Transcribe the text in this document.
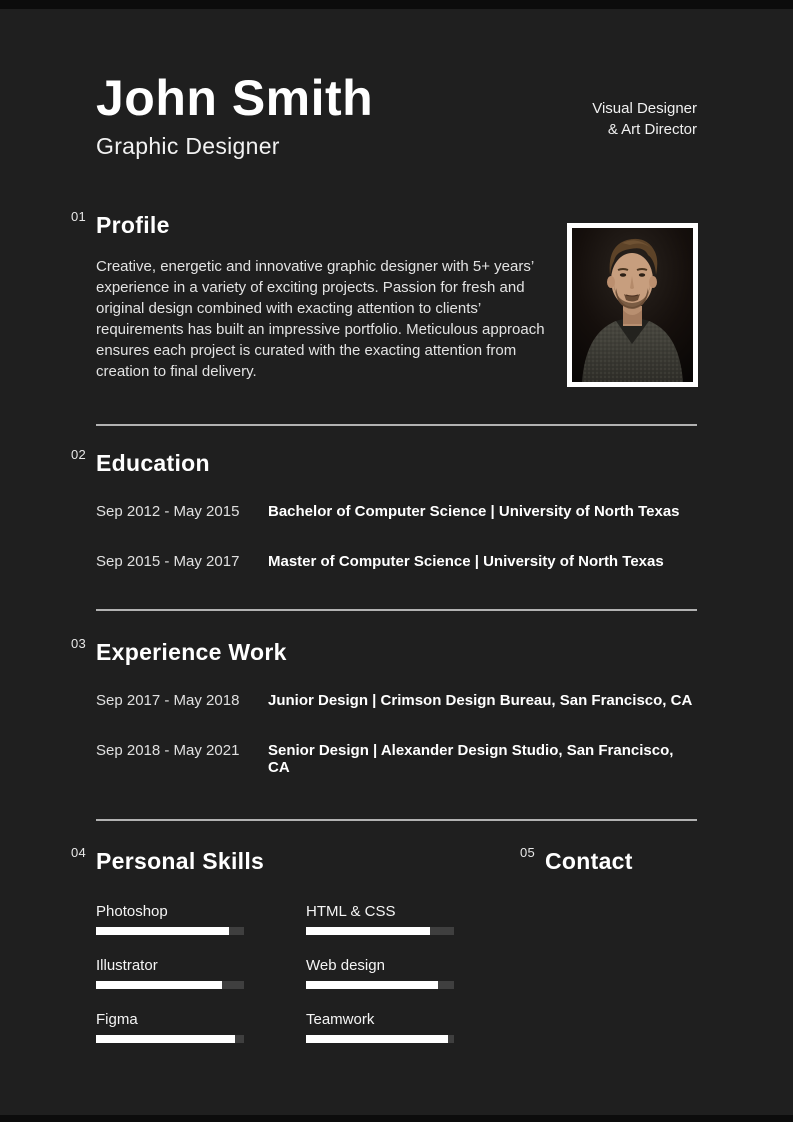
John Smith
Graphic Designer
Visual Designer
& Art Director
01 Profile
Creative, energetic and innovative graphic designer with 5+ years’ experience in a variety of exciting projects. Passion for fresh and original design combined with exacting attention to clients’ requirements has built an impressive portfolio. Meticulous approach ensures each project is curated with the exacting attention from creation to final delivery.
02 Education
Sep 2012 - May 2015	Bachelor of Computer Science | University of North Texas
Sep 2015 - May 2017	Master of Computer Science | University of North Texas
03 Experience Work
Sep 2017 - May 2018	Junior Design | Crimson Design Bureau, San Francisco, CA
Sep 2018 - May 2021	Senior Design | Alexander Design Studio, San Francisco, CA
04 Personal Skills
Photoshop
Illustrator
Figma
HTML & CSS
Web design
Teamwork
05 Contact
